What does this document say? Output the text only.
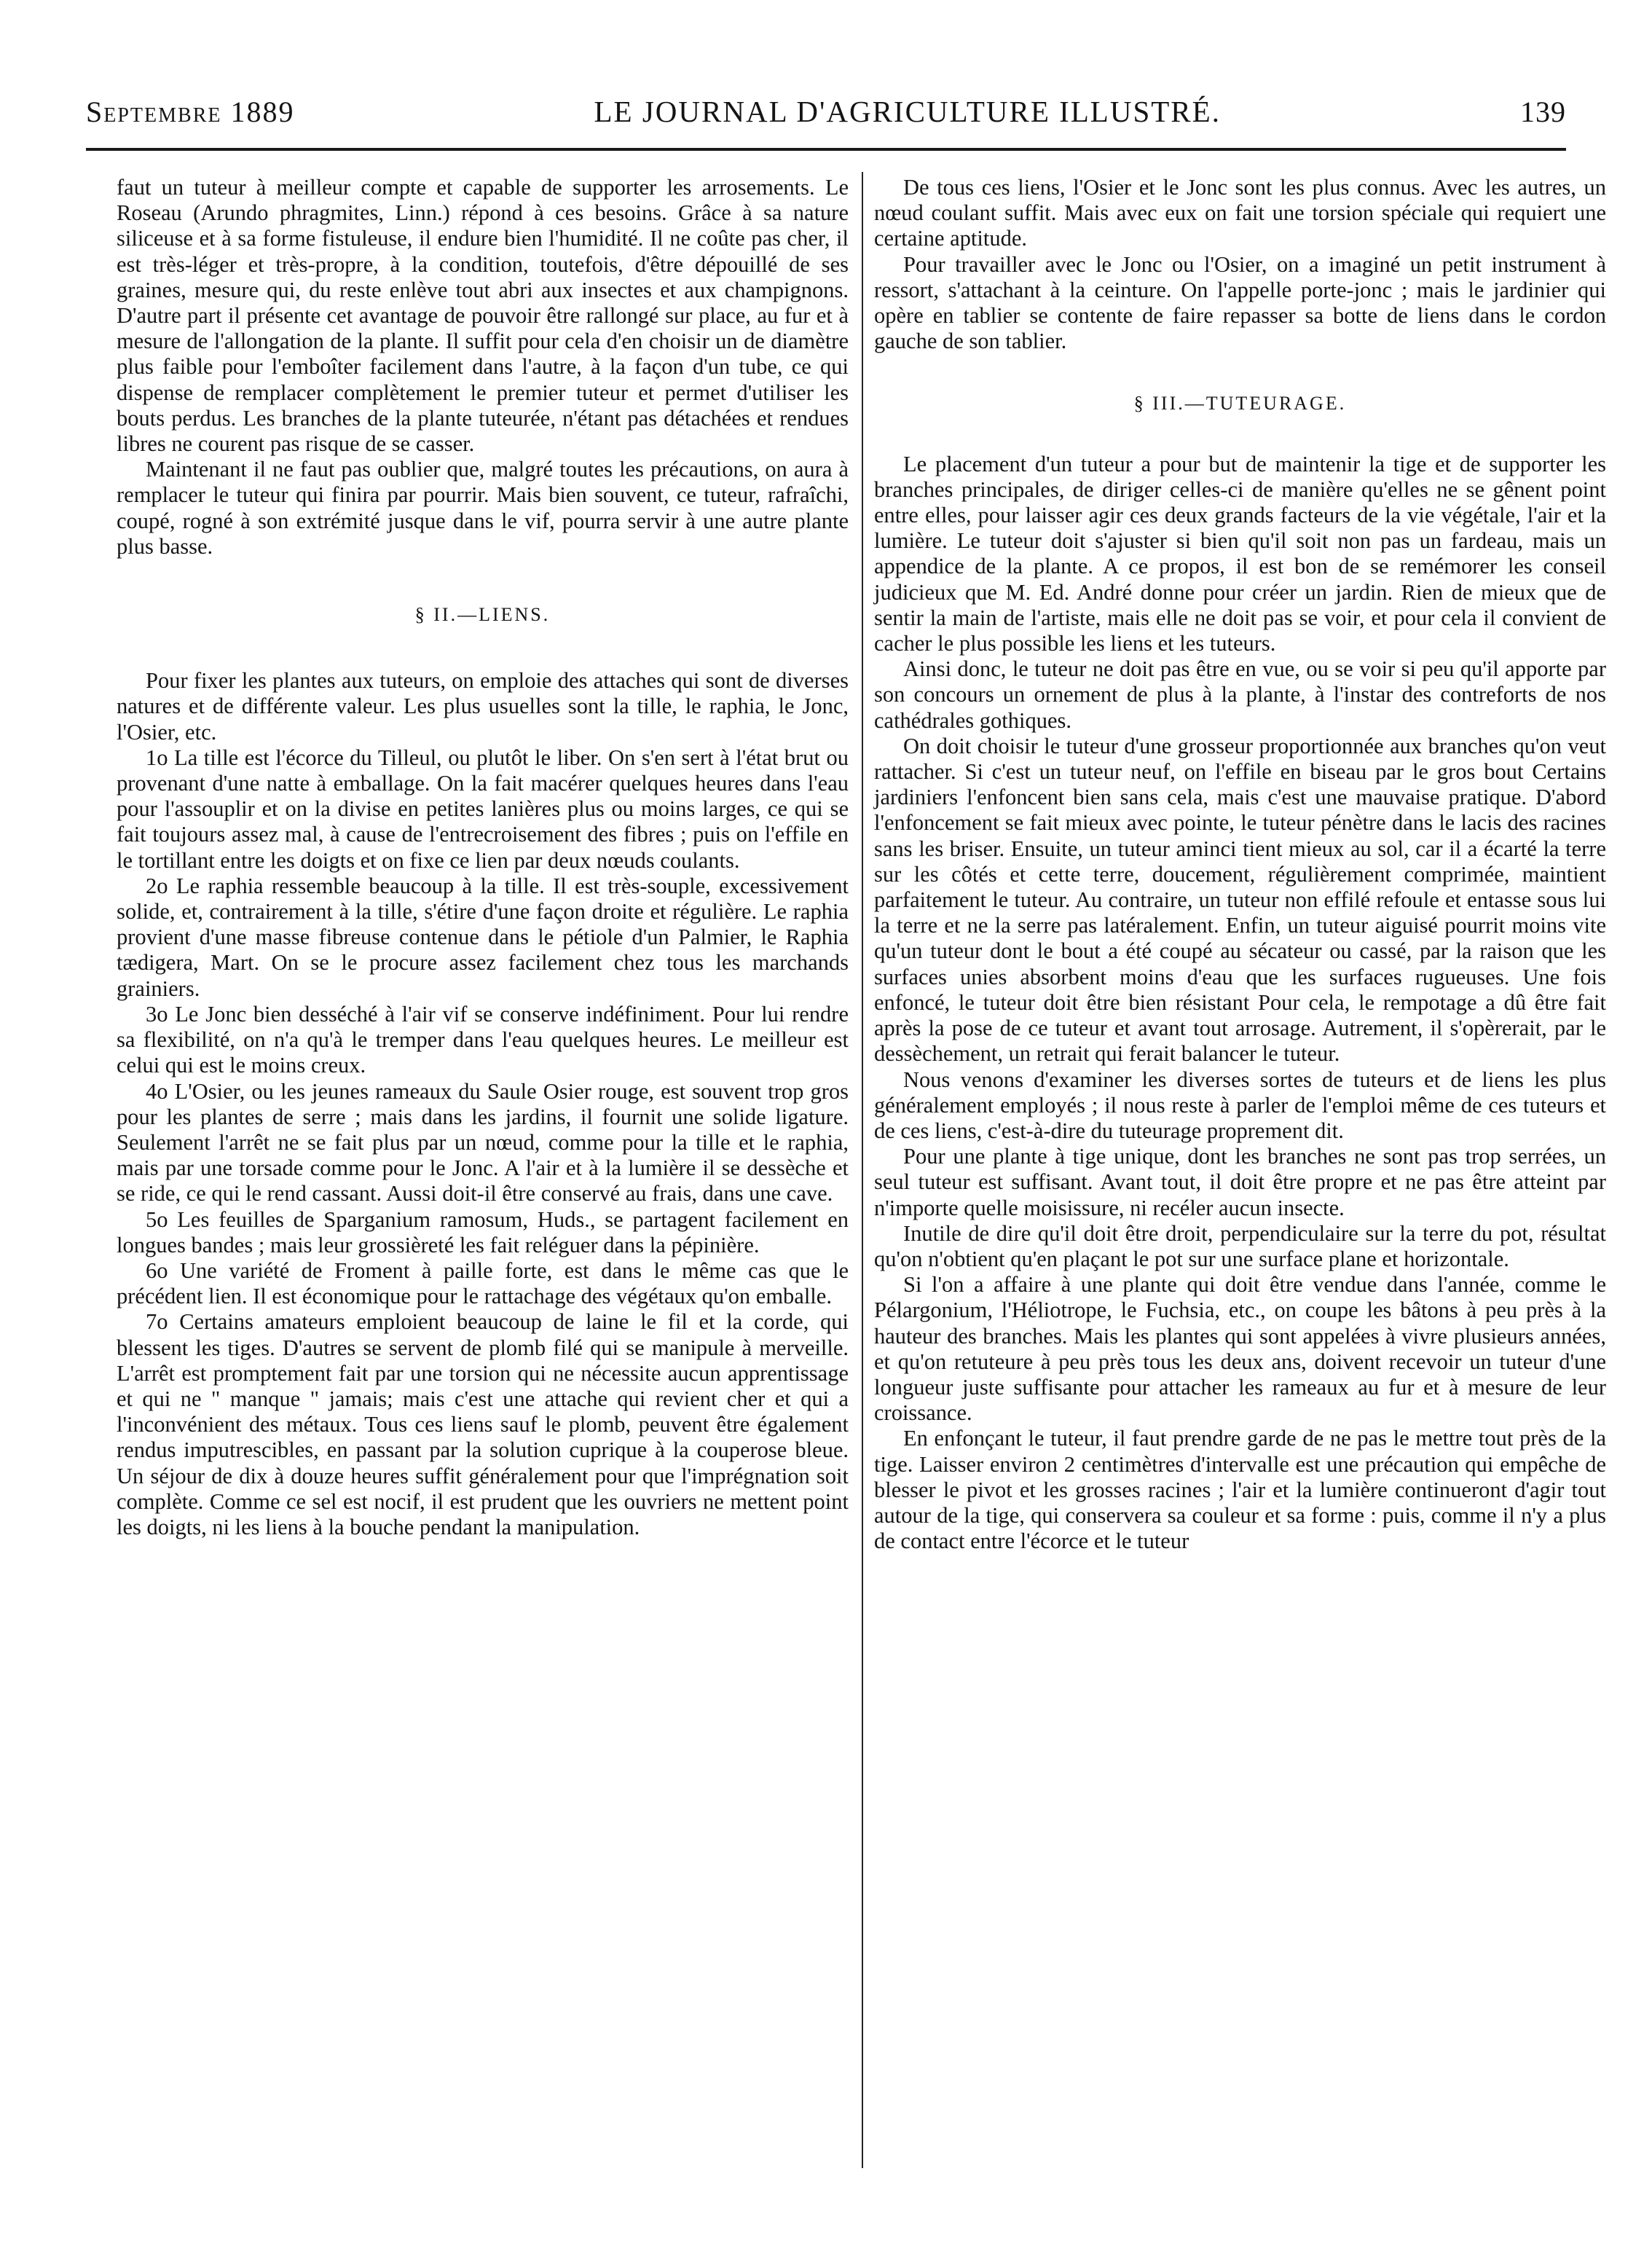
Septembre 1889	LE JOURNAL D'AGRICULTURE ILLUSTRÉ.	139

faut un tuteur à meilleur compte et capable de supporter les arrosements. Le Roseau (Arundo phragmites, Linn.) répond à ces besoins. Grâce à sa nature siliceuse et à sa forme fistuleuse, il endure bien l'humidité. Il ne coûte pas cher, il est très-léger et très-propre, à la condition, toutefois, d'être dépouillé de ses graines, mesure qui, du reste enlève tout abri aux insectes et aux champignons. D'autre part il présente cet avantage de pouvoir être rallongé sur place, au fur et à mesure de l'allongation de la plante. Il suffit pour cela d'en choisir un de diamètre plus faible pour l'emboîter facilement dans l'autre, à la façon d'un tube, ce qui dispense de remplacer complètement le premier tuteur et permet d'utiliser les bouts perdus. Les branches de la plante tuteurée, n'étant pas détachées et rendues libres ne courent pas risque de se casser.

Maintenant il ne faut pas oublier que, malgré toutes les précautions, on aura à remplacer le tuteur qui finira par pourrir. Mais bien souvent, ce tuteur, rafraîchi, coupé, rogné à son extrémité jusque dans le vif, pourra servir à une autre plante plus basse.

§ II.—LIENS.

Pour fixer les plantes aux tuteurs, on emploie des attaches qui sont de diverses natures et de différente valeur. Les plus usuelles sont la tille, le raphia, le Jonc, l'Osier, etc.

1o La tille est l'écorce du Tilleul, ou plutôt le liber. On s'en sert à l'état brut ou provenant d'une natte à emballage. On la fait macérer quelques heures dans l'eau pour l'assouplir et on la divise en petites lanières plus ou moins larges, ce qui se fait toujours assez mal, à cause de l'entrecroisement des fibres ; puis on l'effile en le tortillant entre les doigts et on fixe ce lien par deux nœuds coulants.

2o Le raphia ressemble beaucoup à la tille. Il est très-souple, excessivement solide, et, contrairement à la tille, s'étire d'une façon droite et régulière. Le raphia provient d'une masse fibreuse contenue dans le pétiole d'un Palmier, le Raphia tædigera, Mart. On se le procure assez facilement chez tous les marchands grainiers.

3o Le Jonc bien desséché à l'air vif se conserve indéfiniment. Pour lui rendre sa flexibilité, on n'a qu'à le tremper dans l'eau quelques heures. Le meilleur est celui qui est le moins creux.

4o L'Osier, ou les jeunes rameaux du Saule Osier rouge, est souvent trop gros pour les plantes de serre ; mais dans les jardins, il fournit une solide ligature. Seulement l'arrêt ne se fait plus par un nœud, comme pour la tille et le raphia, mais par une torsade comme pour le Jonc. A l'air et à la lumière il se dessèche et se ride, ce qui le rend cassant. Aussi doit-il être conservé au frais, dans une cave.

5o Les feuilles de Sparganium ramosum, Huds., se partagent facilement en longues bandes ; mais leur grossièreté les fait reléguer dans la pépinière.

6o Une variété de Froment à paille forte, est dans le même cas que le précédent lien. Il est économique pour le rattachage des végétaux qu'on emballe.

7o Certains amateurs emploient beaucoup de laine le fil et la corde, qui blessent les tiges. D'autres se servent de plomb filé qui se manipule à merveille. L'arrêt est promptement fait par une torsion qui ne nécessite aucun apprentissage et qui ne " manque " jamais; mais c'est une attache qui revient cher et qui a l'inconvénient des métaux. Tous ces liens sauf le plomb, peuvent être également rendus imputrescibles, en passant par la solution cuprique à la couperose bleue. Un séjour de dix à douze heures suffit généralement pour que l'imprégnation soit complète. Comme ce sel est nocif, il est prudent que les ouvriers ne mettent point les doigts, ni les liens à la bouche pendant la manipulation.

De tous ces liens, l'Osier et le Jonc sont les plus connus. Avec les autres, un nœud coulant suffit. Mais avec eux on fait une torsion spéciale qui requiert une certaine aptitude.

Pour travailler avec le Jonc ou l'Osier, on a imaginé un petit instrument à ressort, s'attachant à la ceinture. On l'appelle porte-jonc ; mais le jardinier qui opère en tablier se contente de faire repasser sa botte de liens dans le cordon gauche de son tablier.

§ III.—TUTEURAGE.

Le placement d'un tuteur a pour but de maintenir la tige et de supporter les branches principales, de diriger celles-ci de manière qu'elles ne se gênent point entre elles, pour laisser agir ces deux grands facteurs de la vie végétale, l'air et la lumière. Le tuteur doit s'ajuster si bien qu'il soit non pas un fardeau, mais un appendice de la plante. A ce propos, il est bon de se remémorer les conseil judicieux que M. Ed. André donne pour créer un jardin. Rien de mieux que de sentir la main de l'artiste, mais elle ne doit pas se voir, et pour cela il convient de cacher le plus possible les liens et les tuteurs.

Ainsi donc, le tuteur ne doit pas être en vue, ou se voir si peu qu'il apporte par son concours un ornement de plus à la plante, à l'instar des contreforts de nos cathédrales gothiques.

On doit choisir le tuteur d'une grosseur proportionnée aux branches qu'on veut rattacher. Si c'est un tuteur neuf, on l'effile en biseau par le gros bout Certains jardiniers l'enfoncent bien sans cela, mais c'est une mauvaise pratique. D'abord l'enfoncement se fait mieux avec pointe, le tuteur pénètre dans le lacis des racines sans les briser. Ensuite, un tuteur aminci tient mieux au sol, car il a écarté la terre sur les côtés et cette terre, doucement, régulièrement comprimée, maintient parfaitement le tuteur. Au contraire, un tuteur non effilé refoule et entasse sous lui la terre et ne la serre pas latéralement. Enfin, un tuteur aiguisé pourrit moins vite qu'un tuteur dont le bout a été coupé au sécateur ou cassé, par la raison que les surfaces unies absorbent moins d'eau que les surfaces rugueuses. Une fois enfoncé, le tuteur doit être bien résistant Pour cela, le rempotage a dû être fait après la pose de ce tuteur et avant tout arrosage. Autrement, il s'opèrerait, par le dessèchement, un retrait qui ferait balancer le tuteur.

Nous venons d'examiner les diverses sortes de tuteurs et de liens les plus généralement employés ; il nous reste à parler de l'emploi même de ces tuteurs et de ces liens, c'est-à-dire du tuteurage proprement dit.

Pour une plante à tige unique, dont les branches ne sont pas trop serrées, un seul tuteur est suffisant. Avant tout, il doit être propre et ne pas être atteint par n'importe quelle moisissure, ni recéler aucun insecte.

Inutile de dire qu'il doit être droit, perpendiculaire sur la terre du pot, résultat qu'on n'obtient qu'en plaçant le pot sur une surface plane et horizontale.

Si l'on a affaire à une plante qui doit être vendue dans l'année, comme le Pélargonium, l'Héliotrope, le Fuchsia, etc., on coupe les bâtons à peu près à la hauteur des branches. Mais les plantes qui sont appelées à vivre plusieurs années, et qu'on retuteure à peu près tous les deux ans, doivent recevoir un tuteur d'une longueur juste suffisante pour attacher les rameaux au fur et à mesure de leur croissance.

En enfonçant le tuteur, il faut prendre garde de ne pas le mettre tout près de la tige. Laisser environ 2 centimètres d'intervalle est une précaution qui empêche de blesser le pivot et les grosses racines ; l'air et la lumière continueront d'agir tout autour de la tige, qui conservera sa couleur et sa forme : puis, comme il n'y a plus de contact entre l'écorce et le tuteur
